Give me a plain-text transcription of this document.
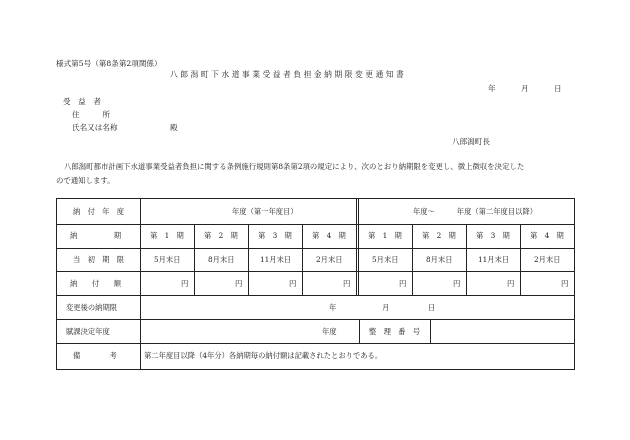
様式第5号（第8条第2項関係）
八 郎 潟 町 下 水 道 事 業 受 益 者 負 担 金 納 期 限 変 更 通 知 書
年	月	日
受　益　者
住　　　所
氏名又は名称	殿
八郎潟町長
八郎潟町都市計画下水道事業受益者負担に関する条例施行規則第8条第2項の規定により、次のとおり納期限を変更し、徴上徴収を決定した
ので通知します。
納　付　年　度	年度（第一年度目）	年度～　　　年度（第二年度目以降）
納　　　　　期	第　1　期	第　2　期	第　3　期	第　4　期	第　1　期	第　2　期	第　3　期	第　4　期
当　初　期　限	5月末日	8月末日	11月末日	2月末日	5月末日	8月末日	11月末日	2月末日
納　　付　　額	円	円	円	円	円	円	円	円
変更後の納期限	年	月	日
賦課決定年度	年度	整　理　番　号
備　　　　考	第二年度目以降（4年分）各納期毎の納付額は記載されたとおりである。
